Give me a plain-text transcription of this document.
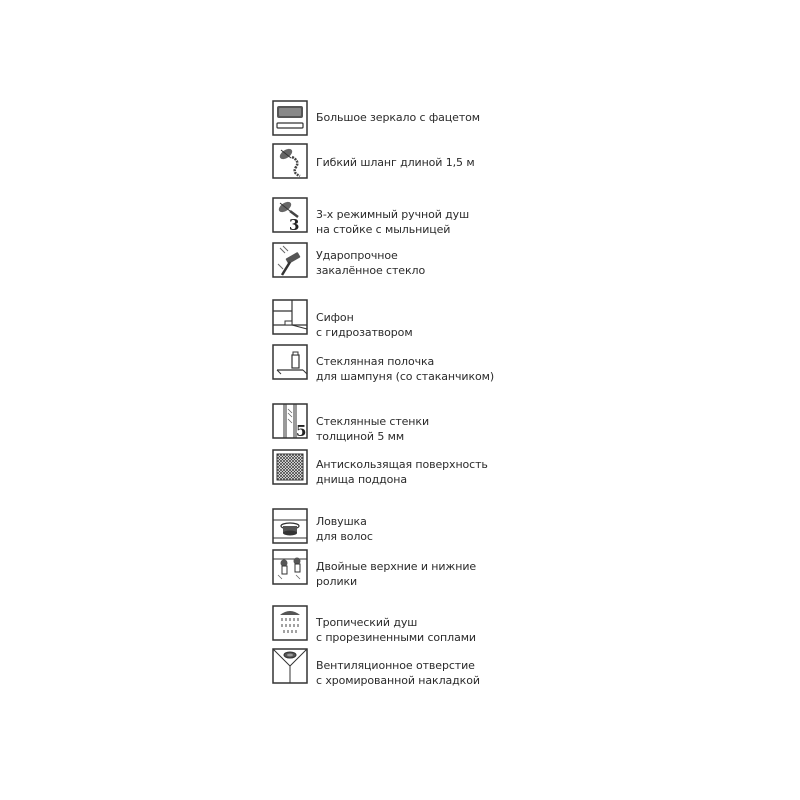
Большое зеркало с фацетом
Гибкий шланг длиной 1,5 м
3
3-х режимный ручной душ
на стойке с мыльницей
Ударопрочное
закалённое стекло
Сифон
с гидрозатвором
Стеклянная полочка
для шампуня (со стаканчиком)
5
Стеклянные стенки
толщиной 5 мм
Антискользящая поверхность
днища поддона
Ловушка
для волос
Двойные верхние и нижние
ролики
Тропический душ
с прорезиненными соплами
Вентиляционное отверстие
с хромированной накладкой
